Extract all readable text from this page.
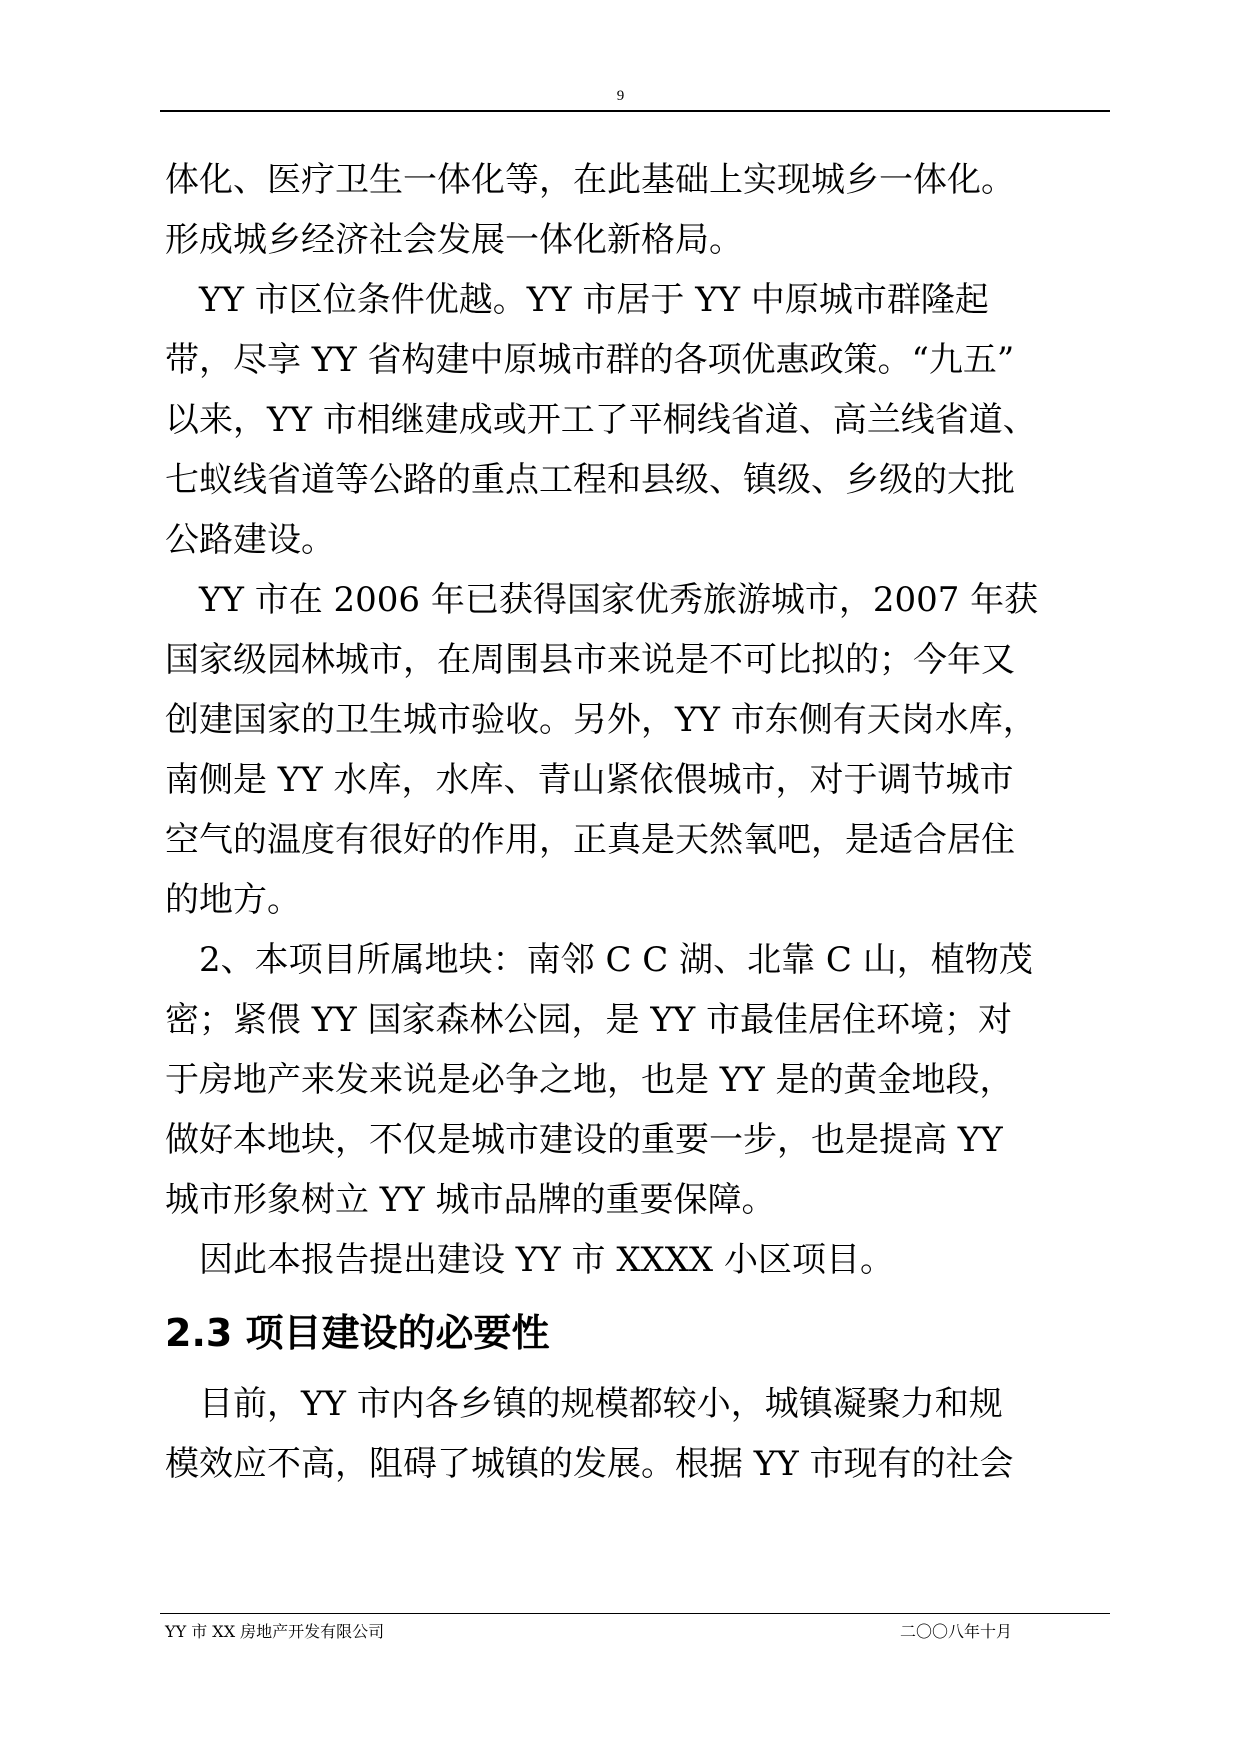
9
体化、医疗卫生一体化等，在此基础上实现城乡一体化。
形成城乡经济社会发展一体化新格局。
　YY 市区位条件优越。YY 市居于 YY 中原城市群隆起
带，尽享 YY 省构建中原城市群的各项优惠政策。“九五”
以来，YY 市相继建成或开工了平桐线省道、高兰线省道、
七蚁线省道等公路的重点工程和县级、镇级、乡级的大批
公路建设。
　YY 市在 2006 年已获得国家优秀旅游城市，2007 年获
国家级园林城市，在周围县市来说是不可比拟的；今年又
创建国家的卫生城市验收。另外，YY 市东侧有天岗水库，
南侧是 YY 水库，水库、青山紧依偎城市，对于调节城市
空气的温度有很好的作用，正真是天然氧吧，是适合居住
的地方。
　2、本项目所属地块：南邻 C C 湖、北靠 C 山，植物茂
密；紧偎 YY 国家森林公园，是 YY 市最佳居住环境；对
于房地产来发来说是必争之地，也是 YY 是的黄金地段，
做好本地块，不仅是城市建设的重要一步，也是提高 YY
城市形象树立 YY 城市品牌的重要保障。
　因此本报告提出建设 YY 市 XXXX 小区项目。
2.3 项目建设的必要性
　目前，YY 市内各乡镇的规模都较小，城镇凝聚力和规
模效应不高，阻碍了城镇的发展。根据 YY 市现有的社会
YY 市 XX 房地产开发有限公司	二〇〇八年十月
